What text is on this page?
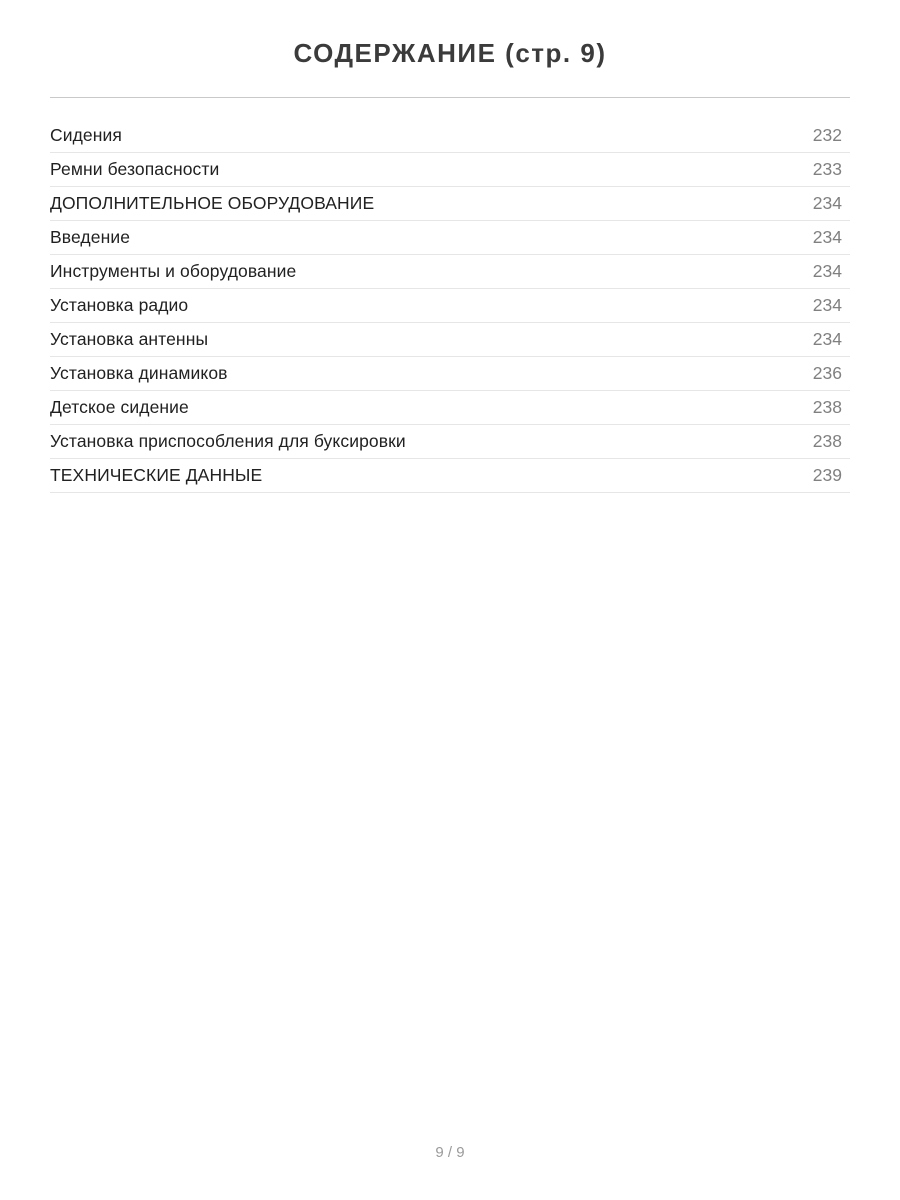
СОДЕРЖАНИЕ (стр. 9)
Сидения	232
Ремни безопасности	233
ДОПОЛНИТЕЛЬНОЕ ОБОРУДОВАНИЕ	234
Введение	234
Инструменты и оборудование	234
Установка радио	234
Установка антенны	234
Установка динамиков	236
Детское сидение	238
Установка приспособления для буксировки	238
ТЕХНИЧЕСКИЕ ДАННЫЕ	239
9 / 9
